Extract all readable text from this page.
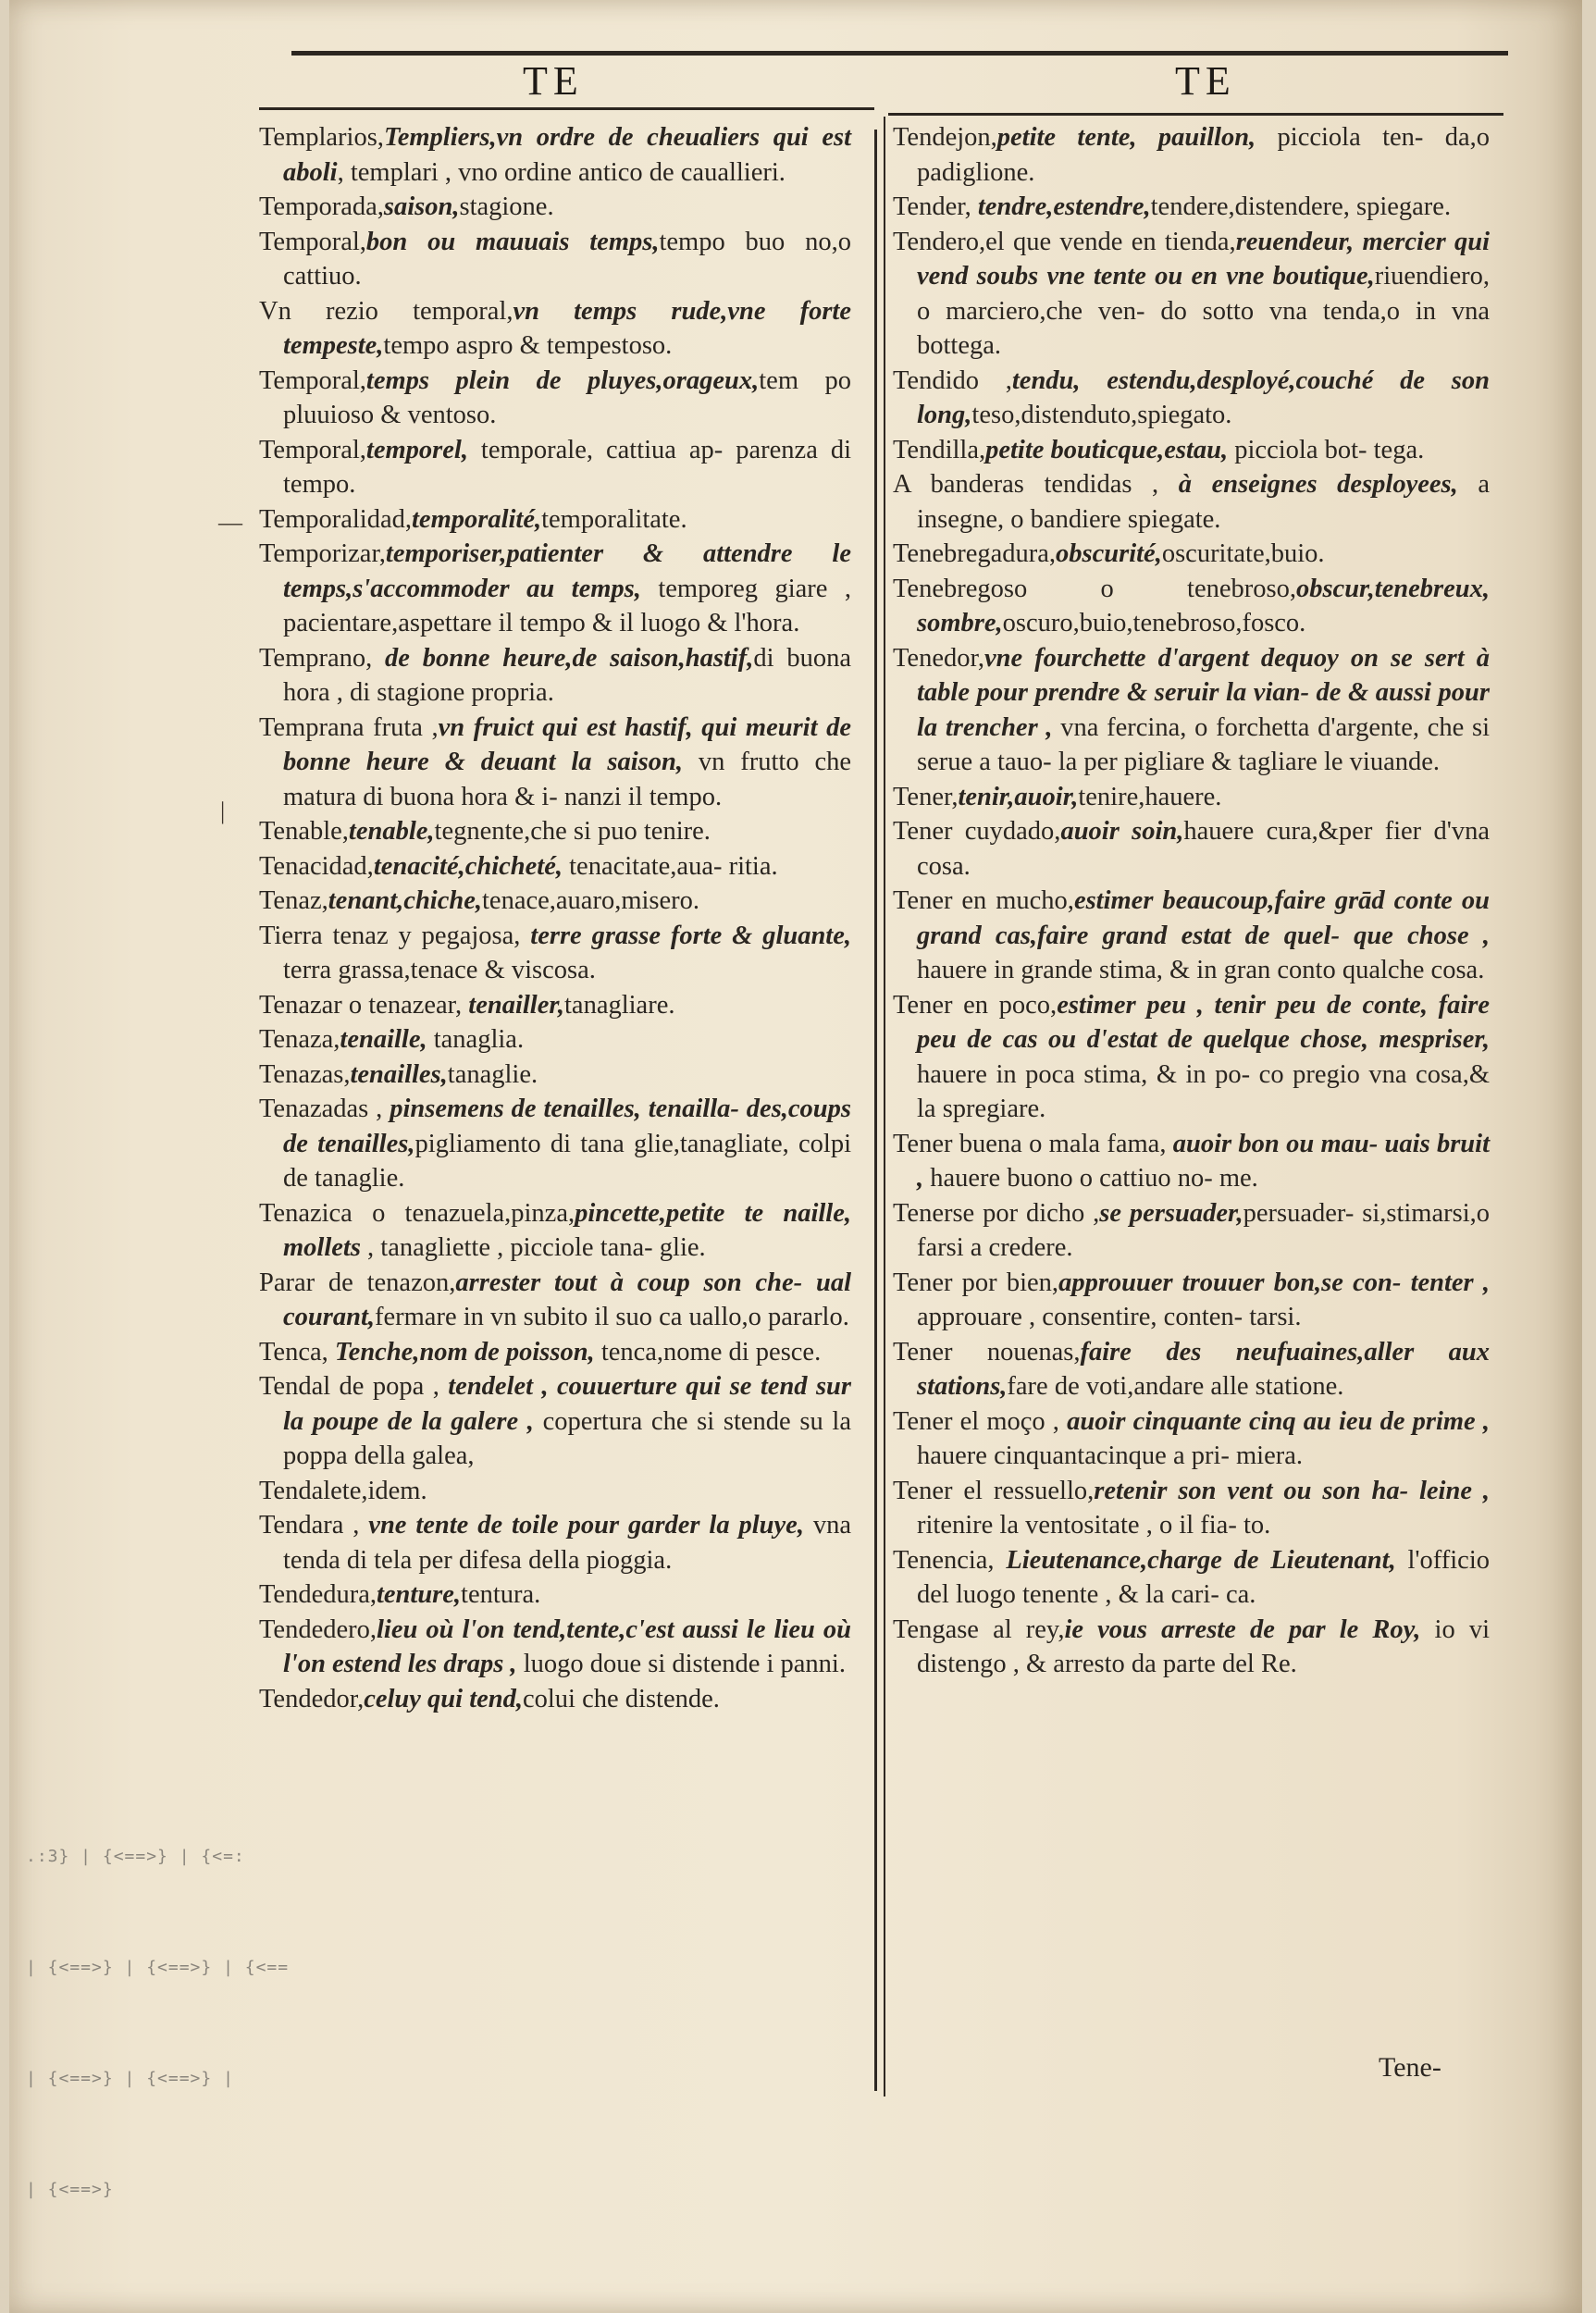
TE	TE

Templarios,Templiers,vn ordre de cheualiers qui est aboli, templari , vno ordine antico de cauallieri.

Temporada,saison,stagione.

Temporal,bon ou mauuais temps,tempo buo no,o cattiuo.

Vn rezio temporal,vn temps rude,vne forte tempeste,tempo aspro & tempestoso.

Temporal,temps plein de pluyes,orageux,tem po pluuioso & ventoso.

Temporal,temporel, temporale, cattiua ap- parenza di tempo.

Temporalidad,temporalité,temporalitate.

Temporizar,temporiser,patienter & attendre le temps,s'accommoder au temps, temporeg giare , pacientare,aspettare il tempo & il luogo & l'hora.

Temprano, de bonne heure,de saison,hastif,di buona hora , di stagione propria.

Temprana fruta ,vn fruict qui est hastif, qui meurit de bonne heure & deuant la saison, vn frutto che matura di buona hora & i- nanzi il tempo.

Tenable,tenable,tegnente,che si puo tenire.

Tenacidad,tenacité,chicheté, tenacitate,aua- ritia.

Tenaz,tenant,chiche,tenace,auaro,misero.

Tierra tenaz y pegajosa, terre grasse forte & gluante, terra grassa,tenace & viscosa.

Tenazar o tenazear, tenailler,tanagliare.

Tenaza,tenaille, tanaglia.

Tenazas,tenailles,tanaglie.

Tenazadas , pinsemens de tenailles, tenailla- des,coups de tenailles,pigliamento di tana glie,tanagliate, colpi de tanaglie.

Tenazica o tenazuela,pinza,pincette,petite te naille, mollets , tanagliette , picciole tana- glie.

Parar de tenazon,arrester tout à coup son che- ual courant,fermare in vn subito il suo ca uallo,o pararlo.

Tenca, Tenche,nom de poisson, tenca,nome di pesce.

Tendal de popa , tendelet , couuerture qui se tend sur la poupe de la galere , copertura che si stende su la poppa della galea,

Tendalete,idem.

Tendara , vne tente de toile pour garder la pluye, vna tenda di tela per difesa della pioggia.

Tendedura,tenture,tentura.

Tendedero,lieu où l'on tend,tente,c'est aussi le lieu où l'on estend les draps , luogo doue si distende i panni.

Tendedor,celuy qui tend,colui che distende.

Tendejon,petite tente, pauillon, picciola ten- da,o padiglione.

Tender, tendre,estendre,tendere,distendere, spiegare.

Tendero,el que vende en tienda,reuendeur, mercier qui vend soubs vne tente ou en vne boutique,riuendiero, o marciero,che ven- do sotto vna tenda,o in vna bottega.

Tendido ,tendu, estendu,desployé,couché de son long,teso,distenduto,spiegato.

Tendilla,petite bouticque,estau, picciola bot- tega.

A banderas tendidas , à enseignes desployees, a insegne, o bandiere spiegate.

Tenebregadura,obscurité,oscuritate,buio.

Tenebregoso o tenebroso,obscur,tenebreux, sombre,oscuro,buio,tenebroso,fosco.

Tenedor,vne fourchette d'argent dequoy on se sert à table pour prendre & seruir la vian- de & aussi pour la trencher , vna fercina, o forchetta d'argente, che si serue a tauo- la per pigliare & tagliare le viuande.

Tener,tenir,auoir,tenire,hauere.

Tener cuydado,auoir soin,hauere cura,&per fier d'vna cosa.

Tener en mucho,estimer beaucoup,faire grād conte ou grand cas,faire grand estat de quel- que chose , hauere in grande stima, & in gran conto qualche cosa.

Tener en poco,estimer peu , tenir peu de conte, faire peu de cas ou d'estat de quelque chose, mespriser, hauere in poca stima, & in po- co pregio vna cosa,& la spregiare.

Tener buena o mala fama, auoir bon ou mau- uais bruit , hauere buono o cattiuo no- me.

Tenerse por dicho ,se persuader,persuader- si,stimarsi,o farsi a credere.

Tener por bien,approuuer trouuer bon,se con- tenter , approuare , consentire, conten- tarsi.

Tener nouenas,faire des neufuaines,aller aux stations,fare de voti,andare alle statione.

Tener el moço , auoir cinquante cinq au ieu de prime , hauere cinquantacinque a pri- miera.

Tener el ressuello,retenir son vent ou son ha- leine , ritenire la ventositate , o il fia- to.

Tenencia, Lieutenance,charge de Lieutenant, l'officio del luogo tenente , & la cari- ca.

Tengase al rey,ie vous arreste de par le Roy, io vi distengo , & arresto da parte del Re.

Tene-
.:3} | {<==>} | {<=:
| {<==>} | {<==>} | {<==
| {<==>} | {<==>} |
| {<==>}
—
|
